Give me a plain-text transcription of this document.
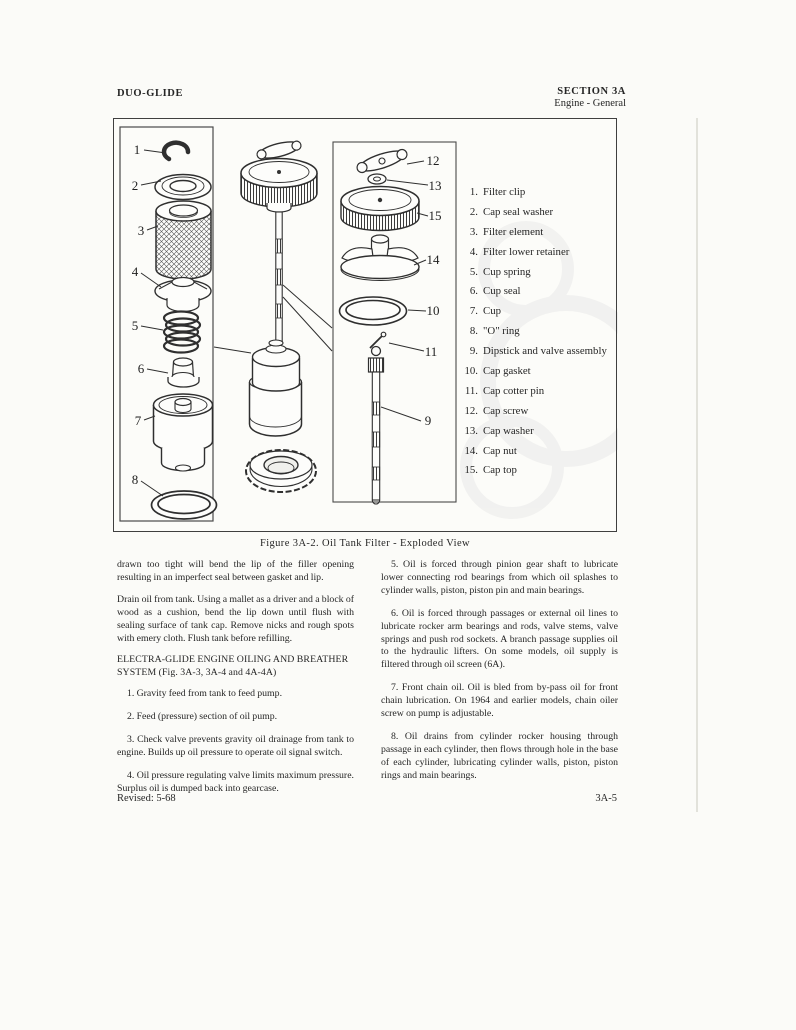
DUO-GLIDE	SECTION 3A
Engine - General
1
2
3
4
5
6
7
8
12
13
15
14
10
11
9
1. Filter clip
2. Cap seal washer
3. Filter element
4. Filter lower retainer
5. Cup spring
6. Cup seal
7. Cup
8. "O" ring
9. Dipstick and valve assembly
10. Cap gasket
11. Cap cotter pin
12. Cap screw
13. Cap washer
14. Cap nut
15. Cap top
Figure 3A-2. Oil Tank Filter - Exploded View

drawn too tight will bend the lip of the filler opening resulting in an imperfect seal between gasket and lip.

Drain oil from tank. Using a mallet as a driver and a block of wood as a cushion, bend the lip down until flush with sealing surface of tank cap. Remove nicks and rough spots with emery cloth. Flush tank before refilling.

ELECTRA-GLIDE ENGINE OILING AND BREATHER SYSTEM (Fig. 3A-3, 3A-4 and 4A-4A)

1. Gravity feed from tank to feed pump.

2. Feed (pressure) section of oil pump.

3. Check valve prevents gravity oil drainage from tank to engine. Builds up oil pressure to operate oil signal switch.

4. Oil pressure regulating valve limits maximum pressure. Surplus oil is dumped back into gearcase.

5. Oil is forced through pinion gear shaft to lubricate lower connecting rod bearings from which oil splashes to cylinder walls, piston, piston pin and main bearings.

6. Oil is forced through passages or external oil lines to lubricate rocker arm bearings and rods, valve stems, valve springs and push rod sockets. A branch passage supplies oil to the hydraulic lifters. On some models, oil supply is filtered through oil screen (6A).

7. Front chain oil. Oil is bled from by-pass oil for front chain lubrication. On 1964 and earlier models, chain oiler screw on pump is adjustable.

8. Oil drains from cylinder rocker housing through passage in each cylinder, then flows through hole in the base of each cylinder, lubricating cylinder walls, piston, piston rings and main bearings.

Revised: 5-68	3A-5
